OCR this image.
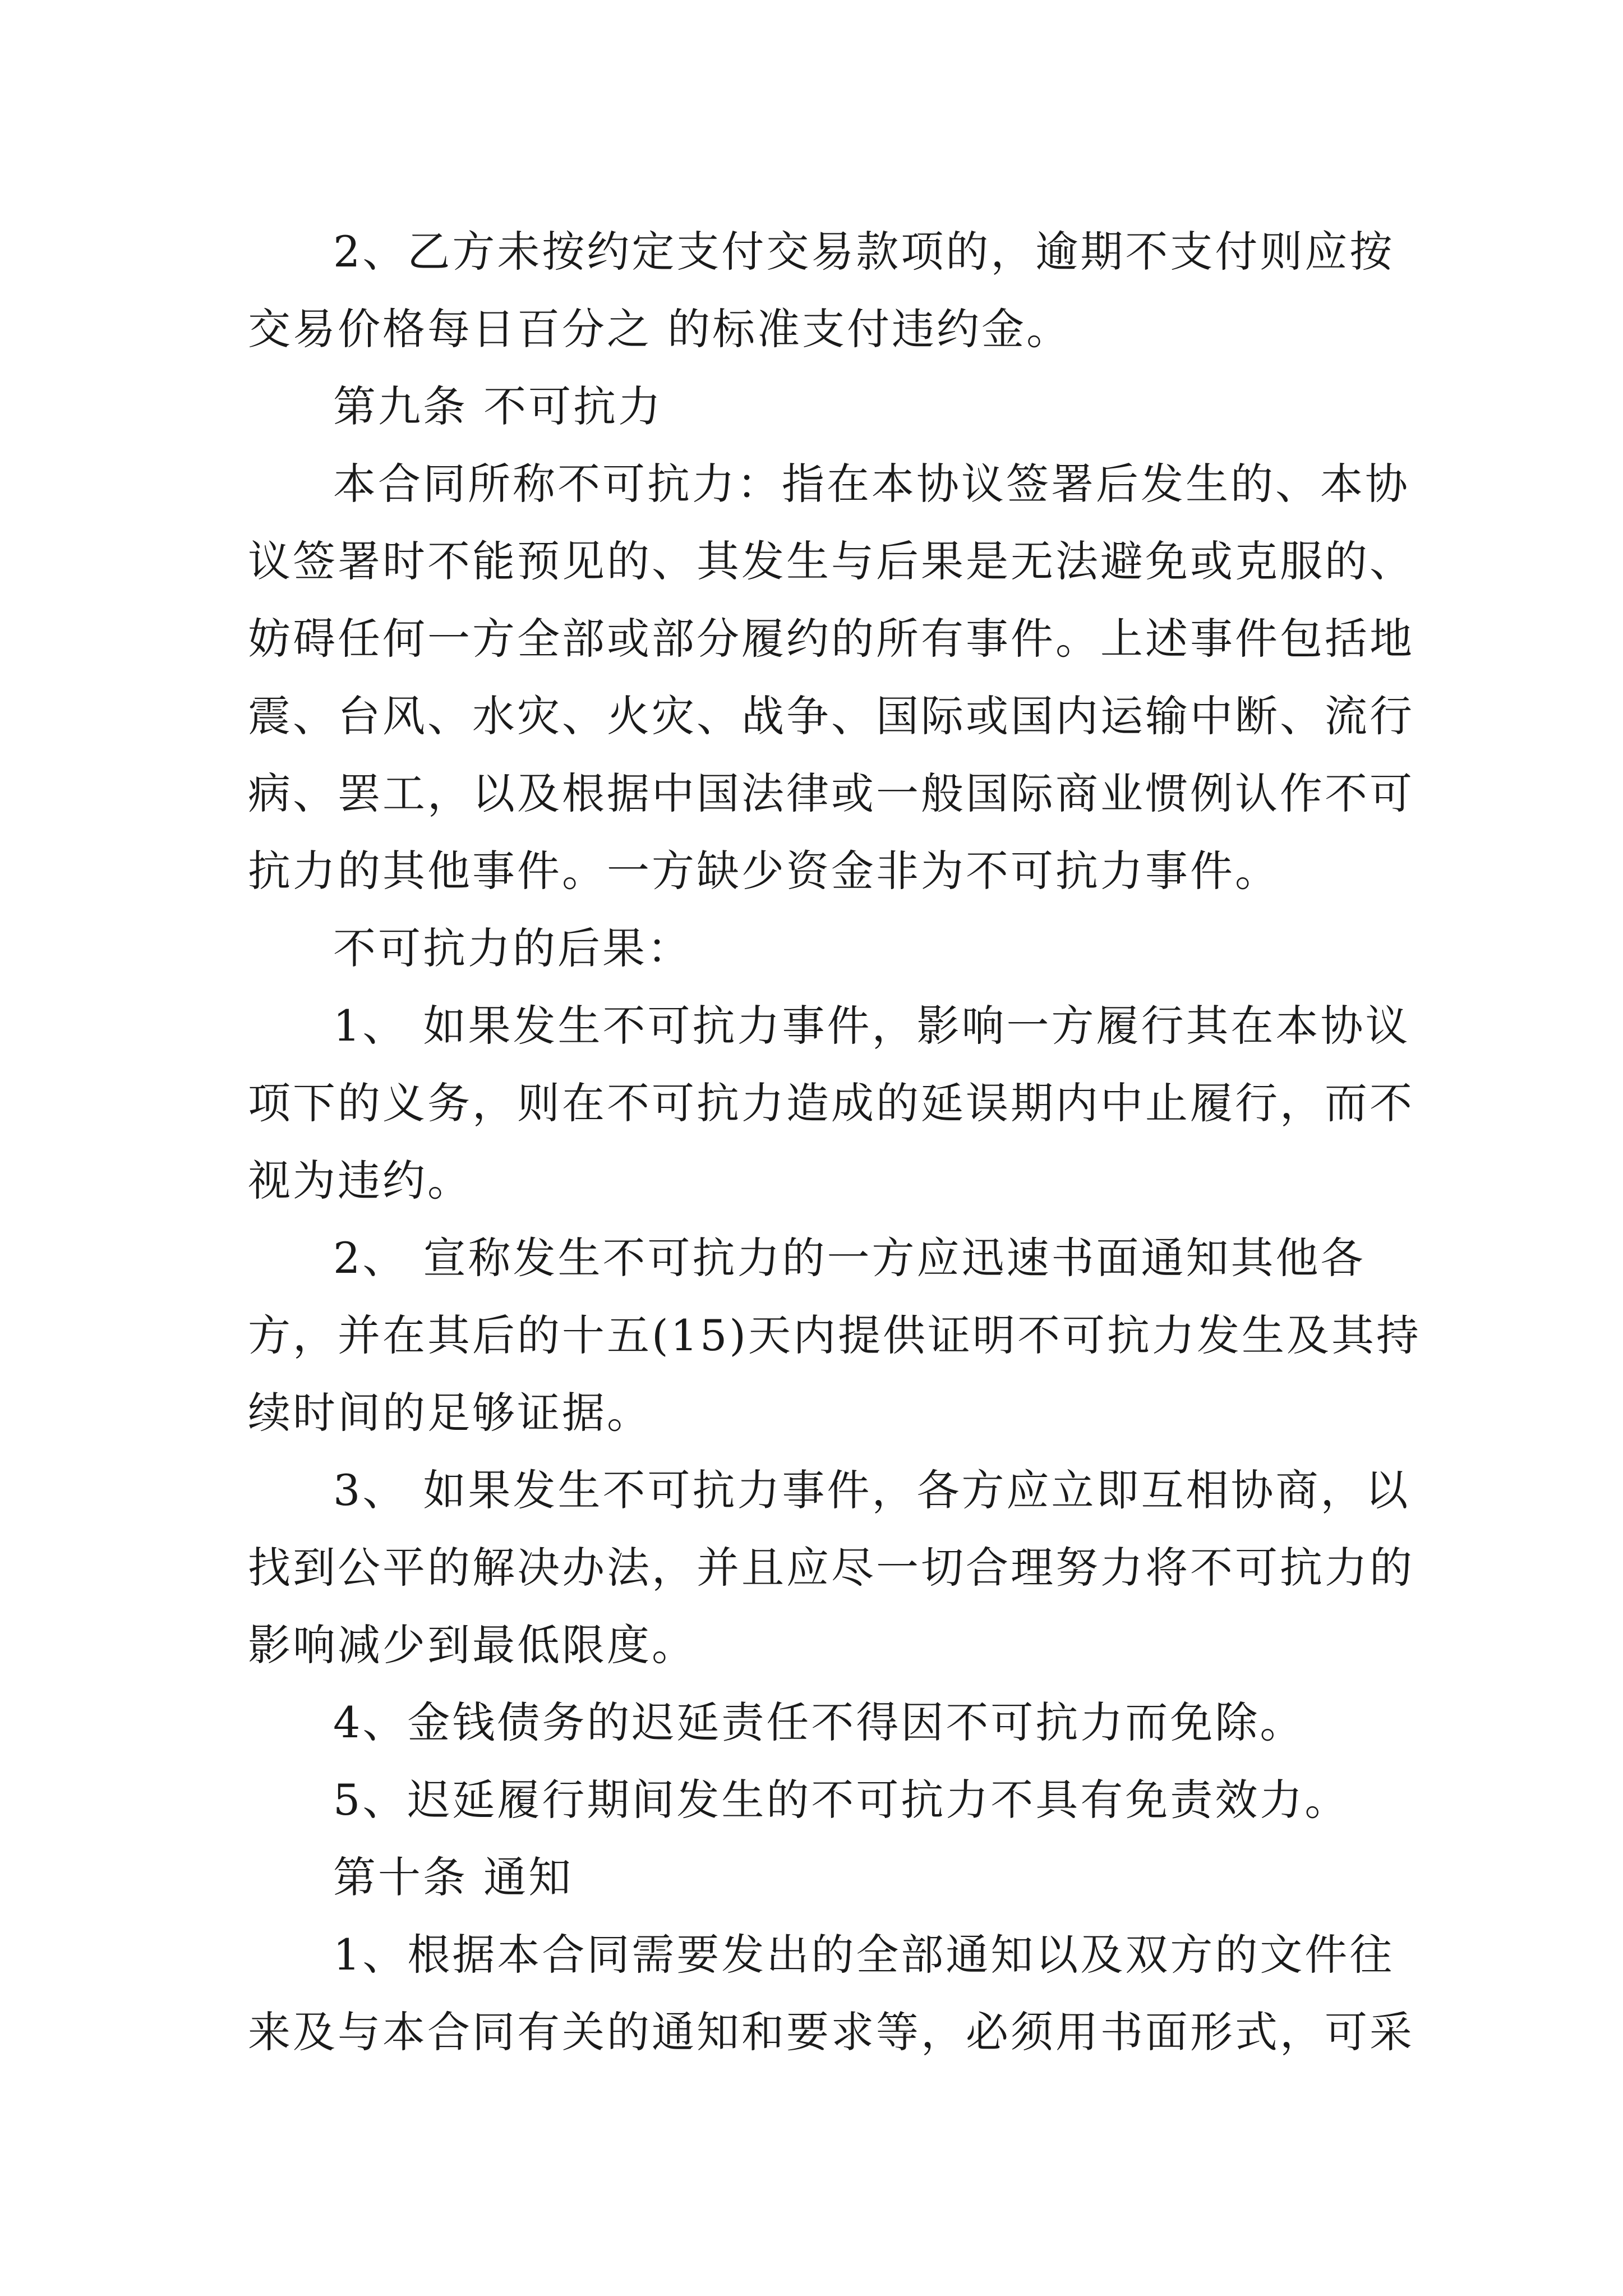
2、乙方未按约定支付交易款项的，逾期不支付则应按
交易价格每日百分之 的标准支付违约金。
第九条 不可抗力
本合同所称不可抗力：指在本协议签署后发生的、本协
议签署时不能预见的、其发生与后果是无法避免或克服的、
妨碍任何一方全部或部分履约的所有事件。上述事件包括地
震、台风、水灾、火灾、战争、国际或国内运输中断、流行
病、罢工，以及根据中国法律或一般国际商业惯例认作不可
抗力的其他事件。一方缺少资金非为不可抗力事件。
不可抗力的后果：
1、 如果发生不可抗力事件，影响一方履行其在本协议
项下的义务，则在不可抗力造成的延误期内中止履行，而不
视为违约。
2、 宣称发生不可抗力的一方应迅速书面通知其他各
方，并在其后的十五(15)天内提供证明不可抗力发生及其持
续时间的足够证据。
3、 如果发生不可抗力事件，各方应立即互相协商，以
找到公平的解决办法，并且应尽一切合理努力将不可抗力的
影响减少到最低限度。
4、金钱债务的迟延责任不得因不可抗力而免除。
5、迟延履行期间发生的不可抗力不具有免责效力。
第十条 通知
1、根据本合同需要发出的全部通知以及双方的文件往
来及与本合同有关的通知和要求等，必须用书面形式，可采
